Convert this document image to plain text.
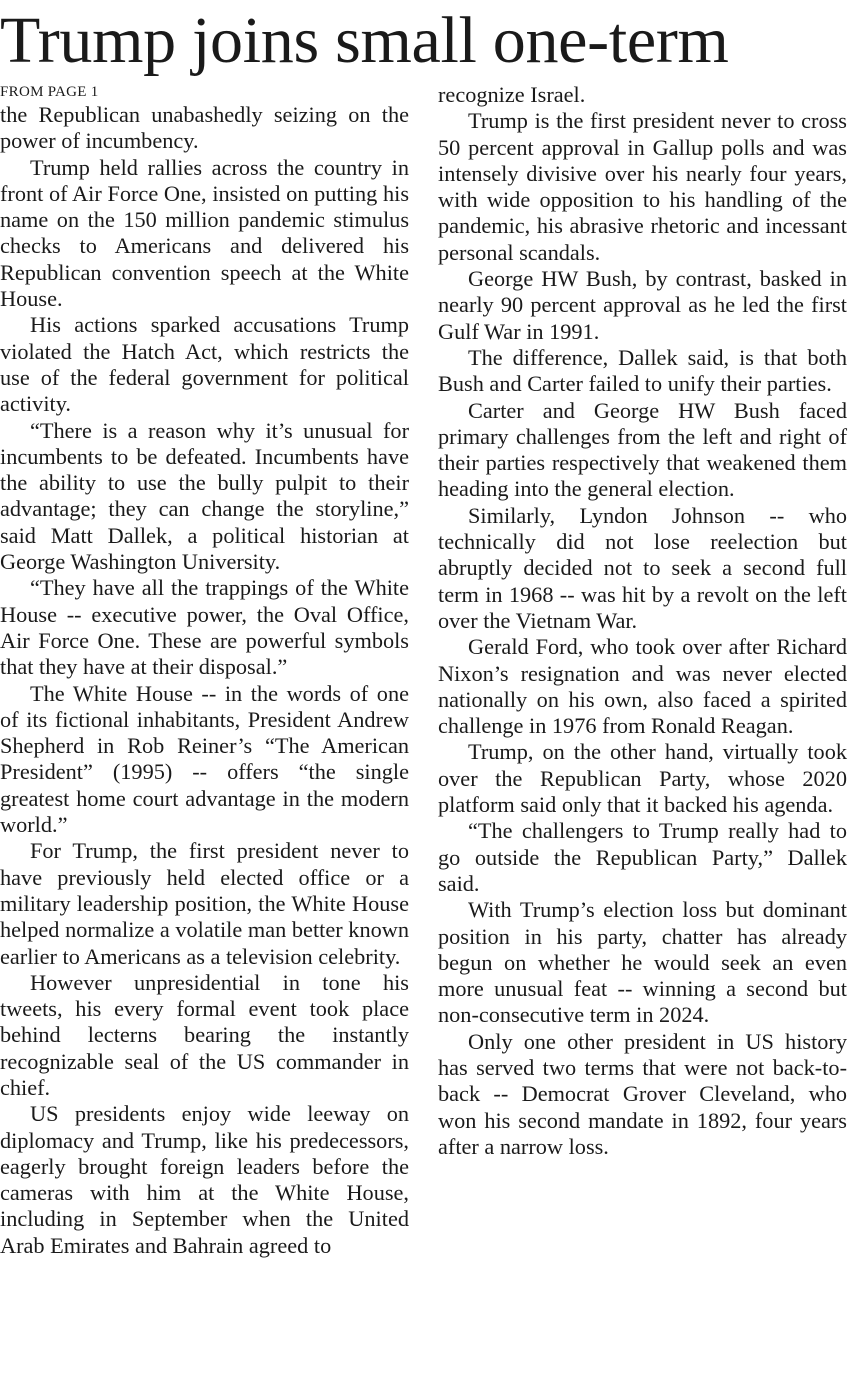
Trump joins small one-term
FROM PAGE 1

the Republican unabashedly seizing on the power of incumbency.

Trump held rallies across the country in front of Air Force One, insisted on putting his name on the 150 million pandemic stimulus checks to Americans and delivered his Republican convention speech at the White House.

His actions sparked accusations Trump violated the Hatch Act, which restricts the use of the federal government for political activity.

“There is a reason why it’s unusual for incumbents to be defeated. Incumbents have the ability to use the bully pulpit to their advantage; they can change the storyline,” said Matt Dallek, a political historian at George Washington University.

“They have all the trappings of the White House -- executive power, the Oval Office, Air Force One. These are powerful symbols that they have at their disposal.”

The White House -- in the words of one of its fictional inhabitants, President Andrew Shepherd in Rob Reiner’s “The American President” (1995) -- offers “the single greatest home court advantage in the modern world.”

For Trump, the first president never to have previously held elected office or a military leadership position, the White House helped normalize a volatile man better known earlier to Americans as a television celebrity.

However unpresidential in tone his tweets, his every formal event took place behind lecterns bearing the instantly recognizable seal of the US commander in chief.

US presidents enjoy wide leeway on diplomacy and Trump, like his predecessors, eagerly brought foreign leaders before the cameras with him at the White House, including in September when the United Arab Emirates and Bahrain agreed to

recognize Israel.

Trump is the first president never to cross 50 percent approval in Gallup polls and was intensely divisive over his nearly four years, with wide opposition to his handling of the pandemic, his abrasive rhetoric and incessant personal scandals.

George HW Bush, by contrast, basked in nearly 90 percent approval as he led the first Gulf War in 1991.

The difference, Dallek said, is that both Bush and Carter failed to unify their parties.

Carter and George HW Bush faced primary challenges from the left and right of their parties respectively that weakened them heading into the general election.

Similarly, Lyndon Johnson -- who technically did not lose reelection but abruptly decided not to seek a second full term in 1968 -- was hit by a revolt on the left over the Vietnam War.

Gerald Ford, who took over after Richard Nixon’s resignation and was never elected nationally on his own, also faced a spirited challenge in 1976 from Ronald Reagan.

Trump, on the other hand, virtually took over the Republican Party, whose 2020 platform said only that it backed his agenda.

“The challengers to Trump really had to go outside the Republican Party,” Dallek said.

With Trump’s election loss but dominant position in his party, chatter has already begun on whether he would seek an even more unusual feat -- winning a second but non-consecutive term in 2024.

Only one other president in US history has served two terms that were not back-to-back -- Democrat Grover Cleveland, who won his second mandate in 1892, four years after a narrow loss.
